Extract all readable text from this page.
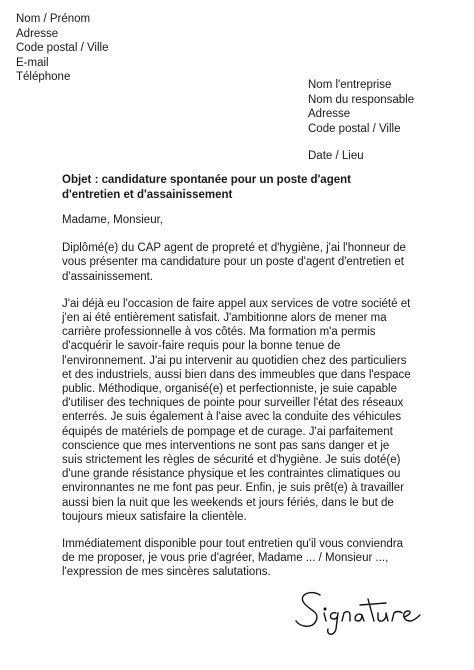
Nom / Prénom
Adresse
Code postal / Ville
E-mail
Téléphone
Nom l'entreprise
Nom du responsable
Adresse
Code postal / Ville
Date / Lieu
Objet : candidature spontanée pour un poste d'agent d'entretien et d'assainissement

Madame, Monsieur,

Diplômé(e) du CAP agent de propreté et d'hygiène, j'ai l'honneur de vous présenter ma candidature pour un poste d'agent d'entretien et d'assainissement.

J'ai déjà eu l'occasion de faire appel aux services de votre société et j'en ai été entièrement satisfait. J'ambitionne alors de mener ma carrière professionnelle à vos côtés. Ma formation m'a permis d'acquérir le savoir-faire requis pour la bonne tenue de l'environnement. J'ai pu intervenir au quotidien chez des particuliers et des industriels, aussi bien dans des immeubles que dans l'espace public. Méthodique, organisé(e) et perfectionniste, je suie capable d'utiliser des techniques de pointe pour surveiller l'état des réseaux enterrés. Je suis également à l'aise avec la conduite des véhicules équipés de matériels de pompage et de curage. J'ai parfaitement conscience que mes interventions ne sont pas sans danger et je suis strictement les règles de sécurité et d'hygiène. Je suis doté(e) d'une grande résistance physique et les contraintes climatiques ou environnantes ne me font pas peur. Enfin, je suis prêt(e) à travailler aussi bien la nuit que les weekends et jours fériés, dans le but de toujours mieux satisfaire la clientèle.

Immédiatement disponible pour tout entretien qu'il vous conviendra de me proposer, je vous prie d'agréer, Madame ... / Monsieur ..., l'expression de mes sincères salutations.
